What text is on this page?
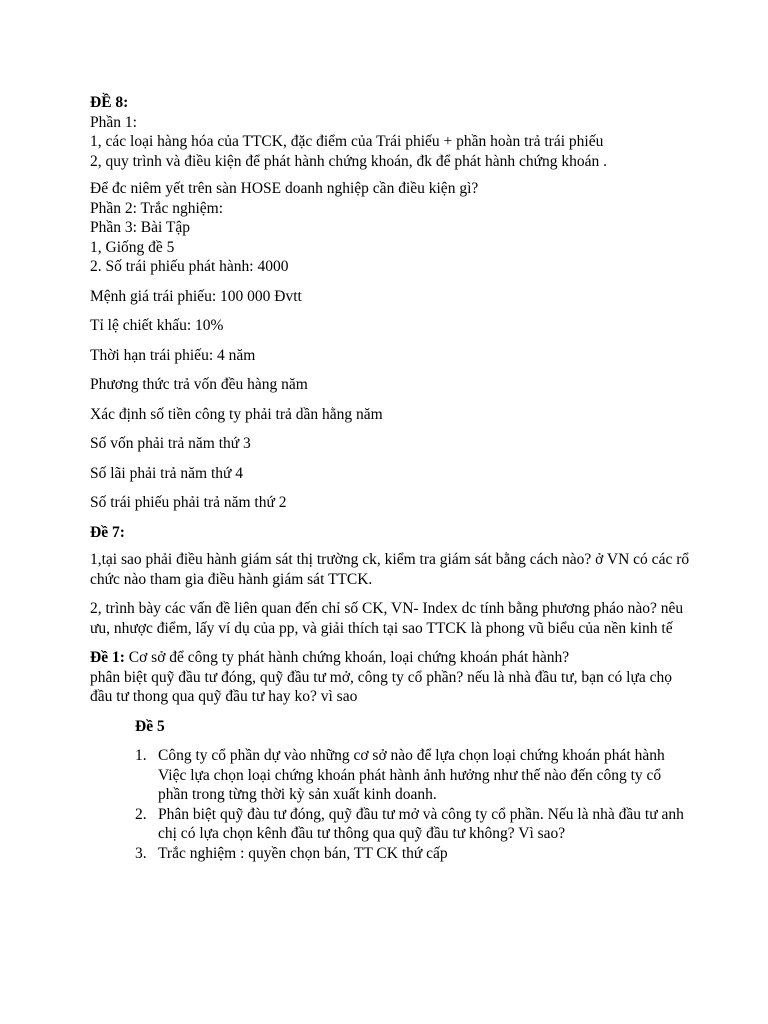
ĐỀ 8:

Phần 1:

1, các loại hàng hóa của TTCK, đặc điểm của Trái phiếu + phần hoàn trả trái phiếu

2, quy trình và điều kiện để phát hành chứng khoán, đk để phát hành chứng khoán .

Để đc niêm yết trên sàn HOSE doanh nghiệp cần điều kiện gì?

Phần 2: Trắc nghiệm:

Phần 3: Bài Tập

1, Giống đề 5

2. Số trái phiếu phát hành: 4000

Mệnh giá trái phiếu: 100 000 Đvtt

Tỉ lệ chiết khấu: 10%

Thời hạn trái phiếu: 4 năm

Phương thức trả vốn đều hàng năm

Xác định số tiền công ty phải trả dần hằng năm

Số vốn phải trả năm thứ 3

Số lãi phải trả năm thứ 4

Số trái phiếu phải trả năm thứ 2

Đề 7:

1,tại sao phải điều hành giám sát thị trường ck, kiểm tra giám sát bằng cách nào? ở VN có các rổ chức nào tham gia điều hành giám sát TTCK.

2, trình bày các vấn đề liên quan đến chỉ số CK, VN- Index dc tính bằng phương pháo nào? nêu ưu, nhược điểm, lấy ví dụ của pp, và giải thích tại sao TTCK là phong vũ biểu của nền kinh tế

Đề 1: Cơ sở để công ty phát hành chứng khoán, loại chứng khoán phát hành?

phân biệt quỹ đầu tư đóng, quỹ đầu tư mở, công ty cổ phần? nếu là nhà đầu tư, bạn có lựa chọ đầu tư thong qua quỹ đầu tư hay ko? vì sao

Đề 5
1. Công ty cổ phần dự vào những cơ sở nào để lựa chọn loại chứng khoán phát hành
Việc lựa chọn loại chứng khoán phát hành ảnh hưởng như thế nào đến công ty cổ phần trong từng thời kỳ sản xuất kinh doanh.
2. Phân biệt quỹ đàu tư đóng, quỹ đầu tư mở và công ty cổ phần. Nếu là nhà đầu tư anh chị có lựa chọn kênh đầu tư thông qua quỹ đầu tư không? Vì sao?
3. Trắc nghiệm : quyền chọn bán, TT CK thứ cấp
